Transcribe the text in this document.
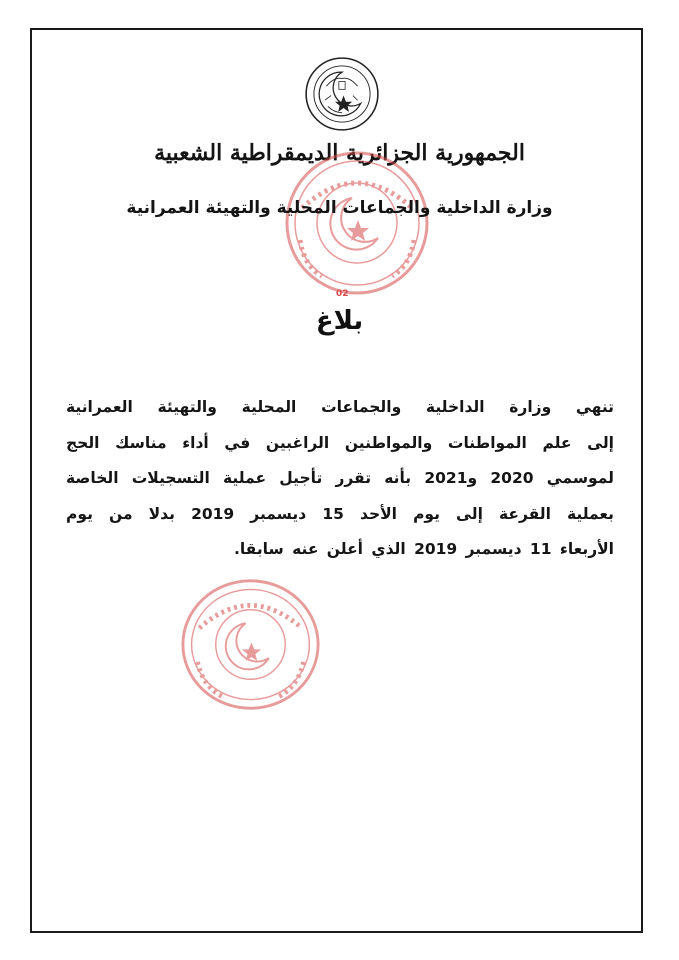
الجمهورية الجزائرية الديمقراطية الشعبية
02
وزارة الداخلية والجماعات المحلية والتهيئة العمرانية
بلاغ
تنهي وزارة الداخلية والجماعات المحلية والتهيئة العمرانية
إلى علم المواطنات والمواطنين الراغبين في أداء مناسك الحج
لموسمي 2020 و2021 بأنه تقرر تأجيل عملية التسجيلات الخاصة
بعملية القرعة إلى يوم الأحد 15 ديسمبر 2019 بدلا من يوم
الأربعاء 11 ديسمبر 2019 الذي أعلن عنه سابقا.
